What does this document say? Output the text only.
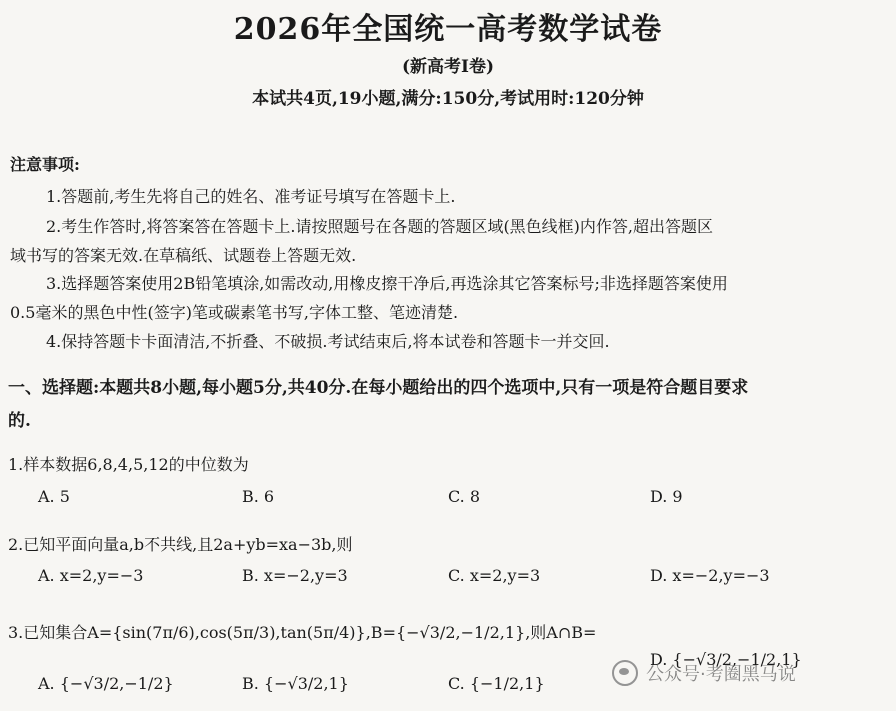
2026年全国统一高考数学试卷
(新高考Ⅰ卷)
本试共4页,19小题,满分:150分,考试用时:120分钟
注意事项:
1.答题前,考生先将自己的姓名、准考证号填写在答题卡上.
2.考生作答时,将答案答在答题卡上.请按照题号在各题的答题区域(黑色线框)内作答,超出答题区
域书写的答案无效.在草稿纸、试题卷上答题无效.
3.选择题答案使用2B铅笔填涂,如需改动,用橡皮擦干净后,再选涂其它答案标号;非选择题答案使用
0.5毫米的黑色中性(签字)笔或碳素笔书写,字体工整、笔迹清楚.
4.保持答题卡卡面清洁,不折叠、不破损.考试结束后,将本试卷和答题卡一并交回.
一、选择题:本题共8小题,每小题5分,共40分.在每小题给出的四个选项中,只有一项是符合题目要求
的.
1.样本数据6,8,4,5,12的中位数为
A. 5	B. 6	C. 8	D. 9
2.已知平面向量a,b不共线,且2a+yb=xa−3b,则
A. x=2,y=−3	B. x=−2,y=3	C. x=2,y=3	D. x=−2,y=−3
3.已知集合A={sin(7π/6),cos(5π/3),tan(5π/4)},B={−√3/2,−1/2,1},则A∩B=
A. {−√3/2,−1/2}	B. {−√3/2,1}	C. {−1/2,1}
D. {−√3/2,−1/2,1}
公众号·考圈黑马说
